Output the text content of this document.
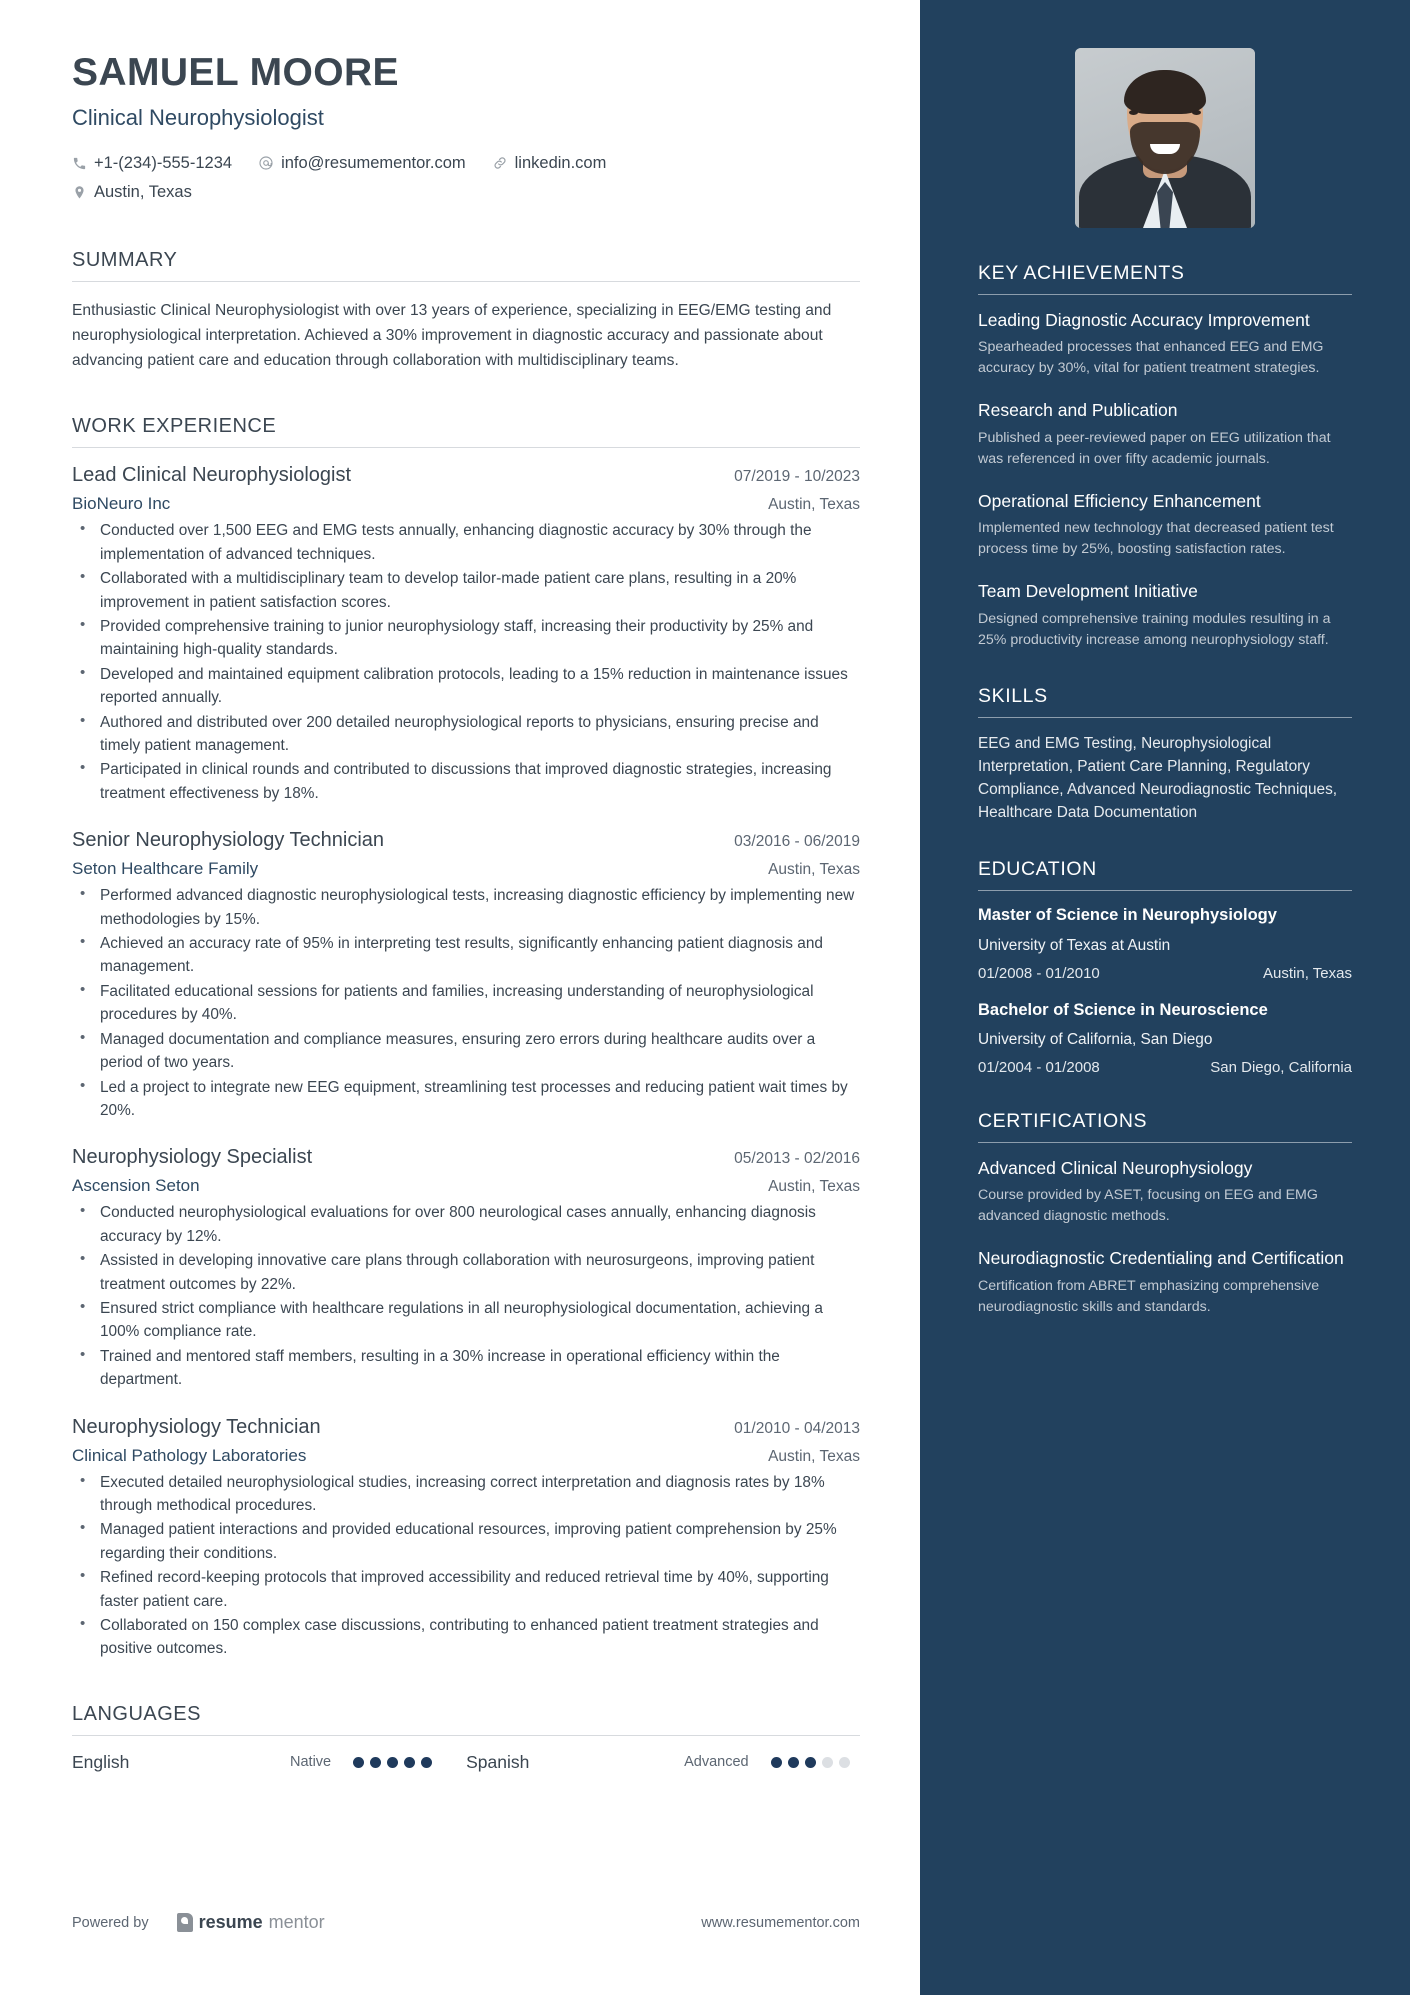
SAMUEL MOORE
Clinical Neurophysiologist
+1-(234)-555-1234	info@resumementor.com	linkedin.com
Austin, Texas
SUMMARY
Enthusiastic Clinical Neurophysiologist with over 13 years of experience, specializing in EEG/EMG testing and neurophysiological interpretation. Achieved a 30% improvement in diagnostic accuracy and passionate about advancing patient care and education through collaboration with multidisciplinary teams.
WORK EXPERIENCE
Lead Clinical Neurophysiologist	07/2019 - 10/2023
BioNeuro Inc	Austin, Texas
• Conducted over 1,500 EEG and EMG tests annually, enhancing diagnostic accuracy by 30% through the implementation of advanced techniques.
• Collaborated with a multidisciplinary team to develop tailor-made patient care plans, resulting in a 20% improvement in patient satisfaction scores.
• Provided comprehensive training to junior neurophysiology staff, increasing their productivity by 25% and maintaining high-quality standards.
• Developed and maintained equipment calibration protocols, leading to a 15% reduction in maintenance issues reported annually.
• Authored and distributed over 200 detailed neurophysiological reports to physicians, ensuring precise and timely patient management.
• Participated in clinical rounds and contributed to discussions that improved diagnostic strategies, increasing treatment effectiveness by 18%.
Senior Neurophysiology Technician	03/2016 - 06/2019
Seton Healthcare Family	Austin, Texas
• Performed advanced diagnostic neurophysiological tests, increasing diagnostic efficiency by implementing new methodologies by 15%.
• Achieved an accuracy rate of 95% in interpreting test results, significantly enhancing patient diagnosis and management.
• Facilitated educational sessions for patients and families, increasing understanding of neurophysiological procedures by 40%.
• Managed documentation and compliance measures, ensuring zero errors during healthcare audits over a period of two years.
• Led a project to integrate new EEG equipment, streamlining test processes and reducing patient wait times by 20%.
Neurophysiology Specialist	05/2013 - 02/2016
Ascension Seton	Austin, Texas
• Conducted neurophysiological evaluations for over 800 neurological cases annually, enhancing diagnosis accuracy by 12%.
• Assisted in developing innovative care plans through collaboration with neurosurgeons, improving patient treatment outcomes by 22%.
• Ensured strict compliance with healthcare regulations in all neurophysiological documentation, achieving a 100% compliance rate.
• Trained and mentored staff members, resulting in a 30% increase in operational efficiency within the department.
Neurophysiology Technician	01/2010 - 04/2013
Clinical Pathology Laboratories	Austin, Texas
• Executed detailed neurophysiological studies, increasing correct interpretation and diagnosis rates by 18% through methodical procedures.
• Managed patient interactions and provided educational resources, improving patient comprehension by 25% regarding their conditions.
• Refined record-keeping protocols that improved accessibility and reduced retrieval time by 40%, supporting faster patient care.
• Collaborated on 150 complex case discussions, contributing to enhanced patient treatment strategies and positive outcomes.
LANGUAGES
English	Native	Spanish	Advanced
Powered by	resume mentor	www.resumementor.com
KEY ACHIEVEMENTS
Leading Diagnostic Accuracy Improvement
Spearheaded processes that enhanced EEG and EMG accuracy by 30%, vital for patient treatment strategies.
Research and Publication
Published a peer-reviewed paper on EEG utilization that was referenced in over fifty academic journals.
Operational Efficiency Enhancement
Implemented new technology that decreased patient test process time by 25%, boosting satisfaction rates.
Team Development Initiative
Designed comprehensive training modules resulting in a 25% productivity increase among neurophysiology staff.
SKILLS
EEG and EMG Testing, Neurophysiological Interpretation, Patient Care Planning, Regulatory Compliance, Advanced Neurodiagnostic Techniques, Healthcare Data Documentation
EDUCATION
Master of Science in Neurophysiology
University of Texas at Austin
01/2008 - 01/2010	Austin, Texas
Bachelor of Science in Neuroscience
University of California, San Diego
01/2004 - 01/2008	San Diego, California
CERTIFICATIONS
Advanced Clinical Neurophysiology
Course provided by ASET, focusing on EEG and EMG advanced diagnostic methods.
Neurodiagnostic Credentialing and Certification
Certification from ABRET emphasizing comprehensive neurodiagnostic skills and standards.
